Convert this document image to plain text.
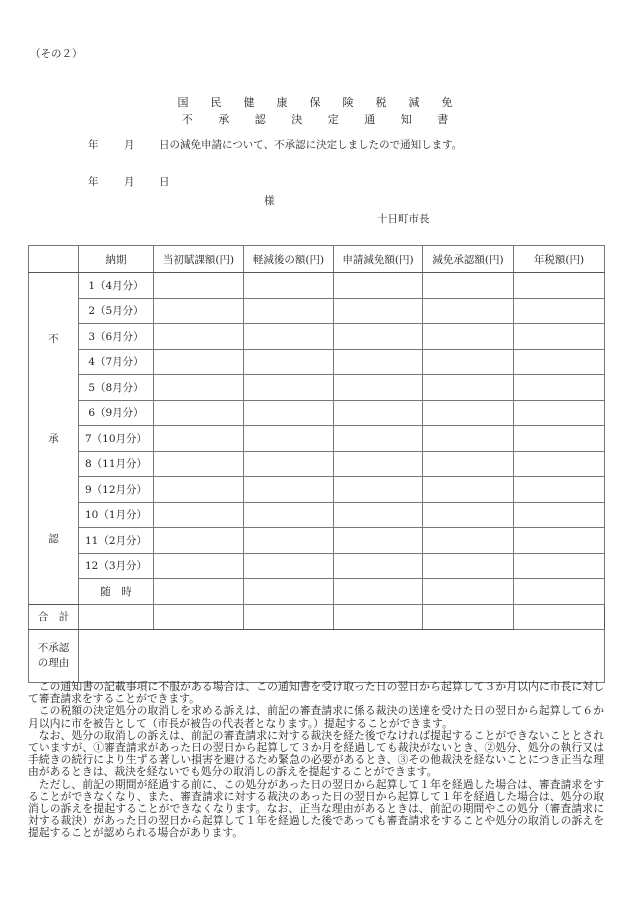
（その２）
国 民 健 康 保 険 税 減 免
不 承 認 決 定 通 知 書
年 月 日の減免申請について、不承認に決定しましたので通知します。
年 月 日
様
十日町市長
	納期	当初賦課額(円)	軽減後の額(円)	申請減免額(円)	減免承認額(円)	年税額(円)

不
承
認	1（4月分）					
	2（5月分）					
	3（6月分）					
	4（7月分）					
	5（8月分）					
	6（9月分）					
	7（10月分）					
	8（11月分）					
	9（12月分）					
	10（1月分）					
	11（2月分）					
	12（3月分）					
	随　時					
合　計						
不承認
の理由						

この通知書の記載事項に不服がある場合は、この通知書を受け取った日の翌日から起算して３か月以内に市長に対して審査請求をすることができます。

この税額の決定処分の取消しを求める訴えは、前記の審査請求に係る裁決の送達を受けた日の翌日から起算して６か月以内に市を被告として（市長が被告の代表者となります。）提起することができます。

なお、処分の取消しの訴えは、前記の審査請求に対する裁決を経た後でなければ提起することができないこととされていますが、①審査請求があった日の翌日から起算して３か月を経過しても裁決がないとき、②処分、処分の執行又は手続きの続行により生ずる著しい損害を避けるため緊急の必要があるとき、③その他裁決を経ないことにつき正当な理由があるときは、裁決を経ないでも処分の取消しの訴えを提起することができます。

ただし、前記の期間が経過する前に、この処分があった日の翌日から起算して１年を経過した場合は、審査請求をすることができなくなり、また、審査請求に対する裁決のあった日の翌日から起算して１年を経過した場合は、処分の取消しの訴えを提起することができなくなります。なお、正当な理由があるときは、前記の期間やこの処分（審査請求に対する裁決）があった日の翌日から起算して１年を経過した後であっても審査請求をすることや処分の取消しの訴えを提起することが認められる場合があります。
